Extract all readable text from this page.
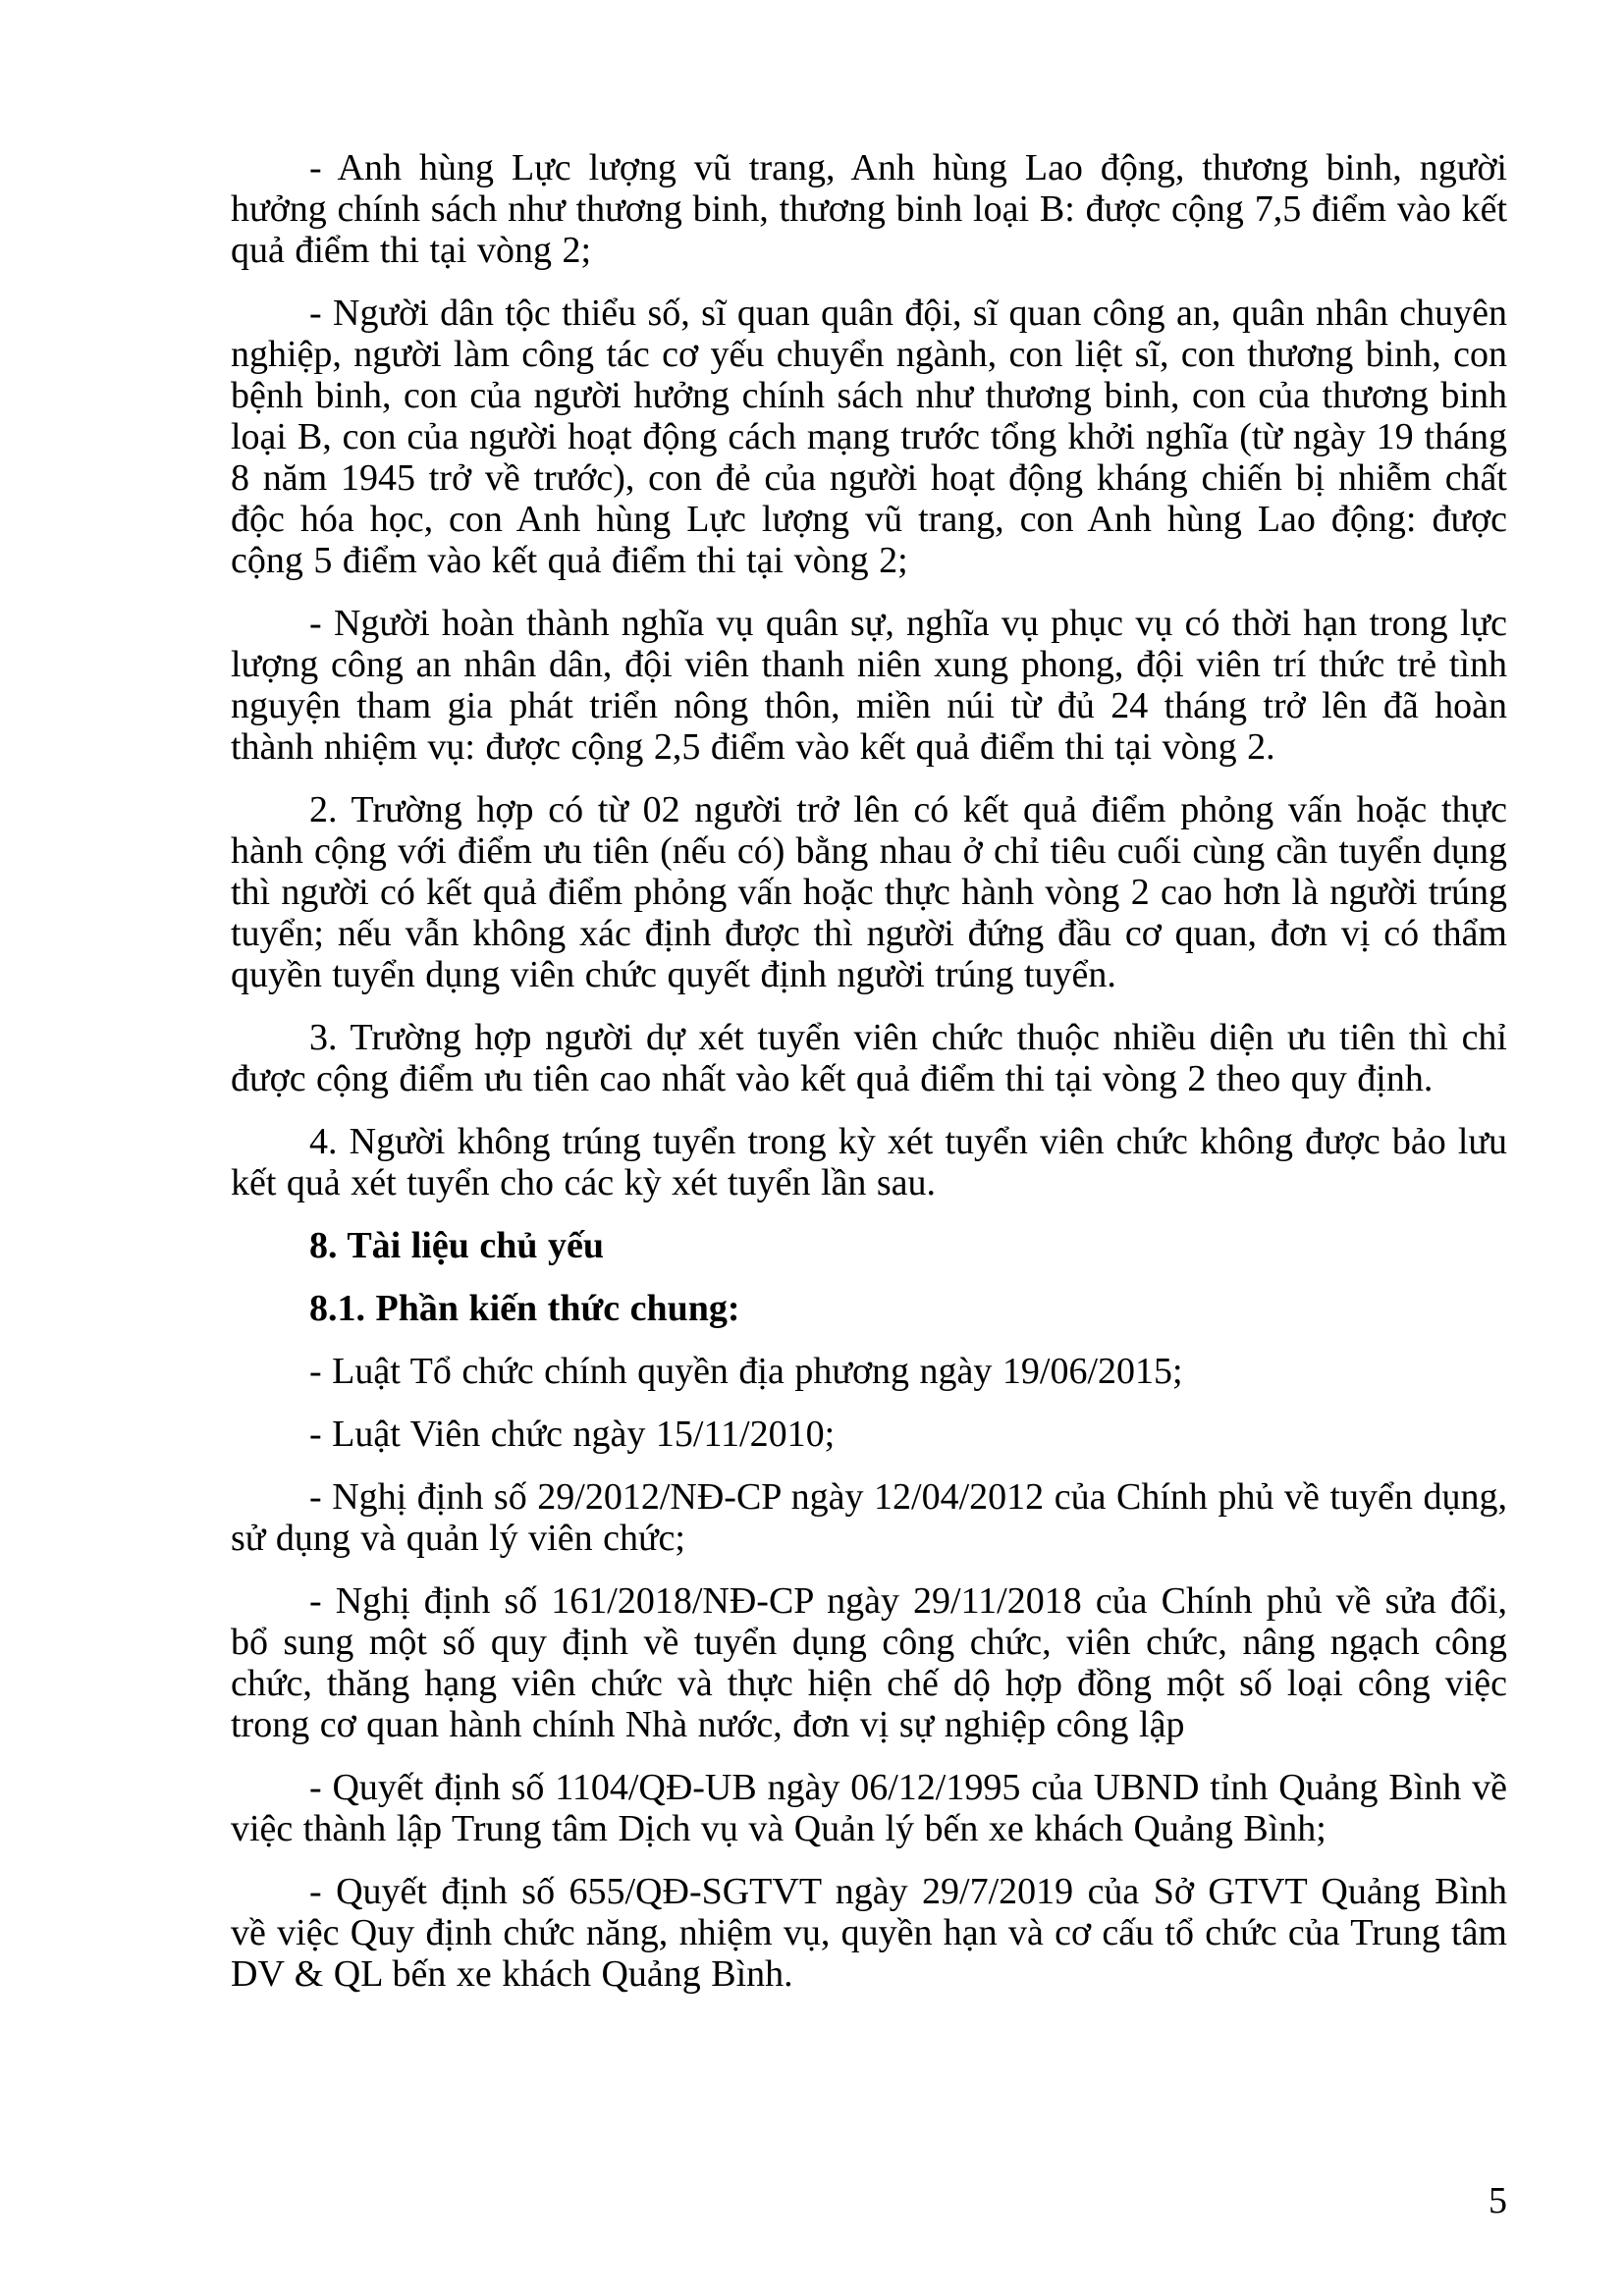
- Anh hùng Lực lượng vũ trang, Anh hùng Lao động, thương binh, người hưởng chính sách như thương binh, thương binh loại B: được cộng 7,5 điểm vào kết quả điểm thi tại vòng 2;

- Người dân tộc thiểu số, sĩ quan quân đội, sĩ quan công an, quân nhân chuyên nghiệp, người làm công tác cơ yếu chuyển ngành, con liệt sĩ, con thương binh, con bệnh binh, con của người hưởng chính sách như thương binh, con của thương binh loại B, con của người hoạt động cách mạng trước tổng khởi nghĩa (từ ngày 19 tháng 8 năm 1945 trở về trước), con đẻ của người hoạt động kháng chiến bị nhiễm chất độc hóa học, con Anh hùng Lực lượng vũ trang, con Anh hùng Lao động: được cộng 5 điểm vào kết quả điểm thi tại vòng 2;

- Người hoàn thành nghĩa vụ quân sự, nghĩa vụ phục vụ có thời hạn trong lực lượng công an nhân dân, đội viên thanh niên xung phong, đội viên trí thức trẻ tình nguyện tham gia phát triển nông thôn, miền núi từ đủ 24 tháng trở lên đã hoàn thành nhiệm vụ: được cộng 2,5 điểm vào kết quả điểm thi tại vòng 2.

2. Trường hợp có từ 02 người trở lên có kết quả điểm phỏng vấn hoặc thực hành cộng với điểm ưu tiên (nếu có) bằng nhau ở chỉ tiêu cuối cùng cần tuyển dụng thì người có kết quả điểm phỏng vấn hoặc thực hành vòng 2 cao hơn là người trúng tuyển; nếu vẫn không xác định được thì người đứng đầu cơ quan, đơn vị có thẩm quyền tuyển dụng viên chức quyết định người trúng tuyển.

3. Trường hợp người dự xét tuyển viên chức thuộc nhiều diện ưu tiên thì chỉ được cộng điểm ưu tiên cao nhất vào kết quả điểm thi tại vòng 2 theo quy định.

4. Người không trúng tuyển trong kỳ xét tuyển viên chức không được bảo lưu kết quả xét tuyển cho các kỳ xét tuyển lần sau.

8. Tài liệu chủ yếu

8.1. Phần kiến thức chung:

- Luật Tổ chức chính quyền địa phương ngày 19/06/2015;

- Luật Viên chức ngày 15/11/2010;

- Nghị định số 29/2012/NĐ-CP ngày 12/04/2012 của Chính phủ về tuyển dụng, sử dụng và quản lý viên chức;

- Nghị định số 161/2018/NĐ-CP ngày 29/11/2018 của Chính phủ về sửa đổi, bổ sung một số quy định về tuyển dụng công chức, viên chức, nâng ngạch công chức, thăng hạng viên chức và thực hiện chế dộ hợp đồng một số loại công việc trong cơ quan hành chính Nhà nước, đơn vị sự nghiệp công lập

- Quyết định số 1104/QĐ-UB ngày 06/12/1995 của UBND tỉnh Quảng Bình về việc thành lập Trung tâm Dịch vụ và Quản lý bến xe khách Quảng Bình;

- Quyết định số 655/QĐ-SGTVT ngày 29/7/2019 của Sở GTVT Quảng Bình về việc Quy định chức năng, nhiệm vụ, quyền hạn và cơ cấu tổ chức của Trung tâm DV & QL bến xe khách Quảng Bình.

5
